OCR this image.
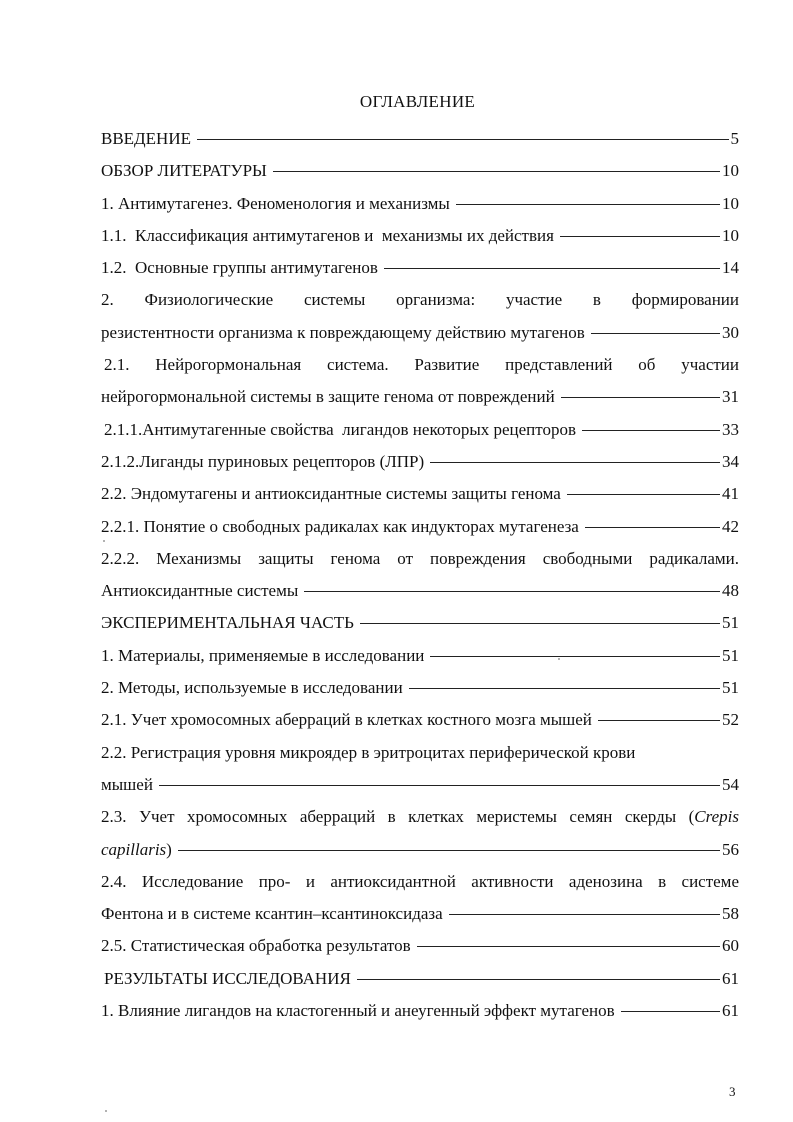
ОГЛАВЛЕНИЕ
ВВЕДЕНИЕ	5
ОБЗОР ЛИТЕРАТУРЫ	10
1. Антимутагенез. Феноменология и механизмы	10
1.1.  Классификация антимутагенов и  механизмы их действия	10
1.2.  Основные группы антимутагенов	14
2. Физиологические системы организма: участие в формировании
резистентности организма к повреждающему действию мутагенов	30
2.1. Нейрогормональная система. Развитие представлений об участии
нейрогормональной системы в защите генома от повреждений	31
2.1.1.Антимутагенные свойства  лигандов некоторых рецепторов	33
2.1.2.Лиганды пуриновых рецепторов (ЛПР)	34
2.2. Эндомутагены и антиоксидантные системы защиты генома	41
2.2.1. Понятие о свободных радикалах как индукторах мутагенеза	42
2.2.2. Механизмы защиты генома от повреждения свободными радикалами.
Антиоксидантные системы	48
ЭКСПЕРИМЕНТАЛЬНАЯ ЧАСТЬ	51
1. Материалы, применяемые в исследовании	51
2. Методы, используемые в исследовании	51
2.1. Учет хромосомных аберраций в клетках костного мозга мышей	52
2.2. Регистрация уровня микроядер в эритроцитах периферической крови
мышей	54
2.3. Учет хромосомных аберраций в клетках меристемы семян скерды (Crepis
capillaris)	56
2.4. Исследование про- и антиоксидантной активности аденозина в системе
Фентона и в системе ксантин–ксантиноксидаза	58
2.5. Статистическая обработка результатов	60
РЕЗУЛЬТАТЫ ИССЛЕДОВАНИЯ	61
1. Влияние лигандов на кластогенный и анеугенный эффект мутагенов	61
3
